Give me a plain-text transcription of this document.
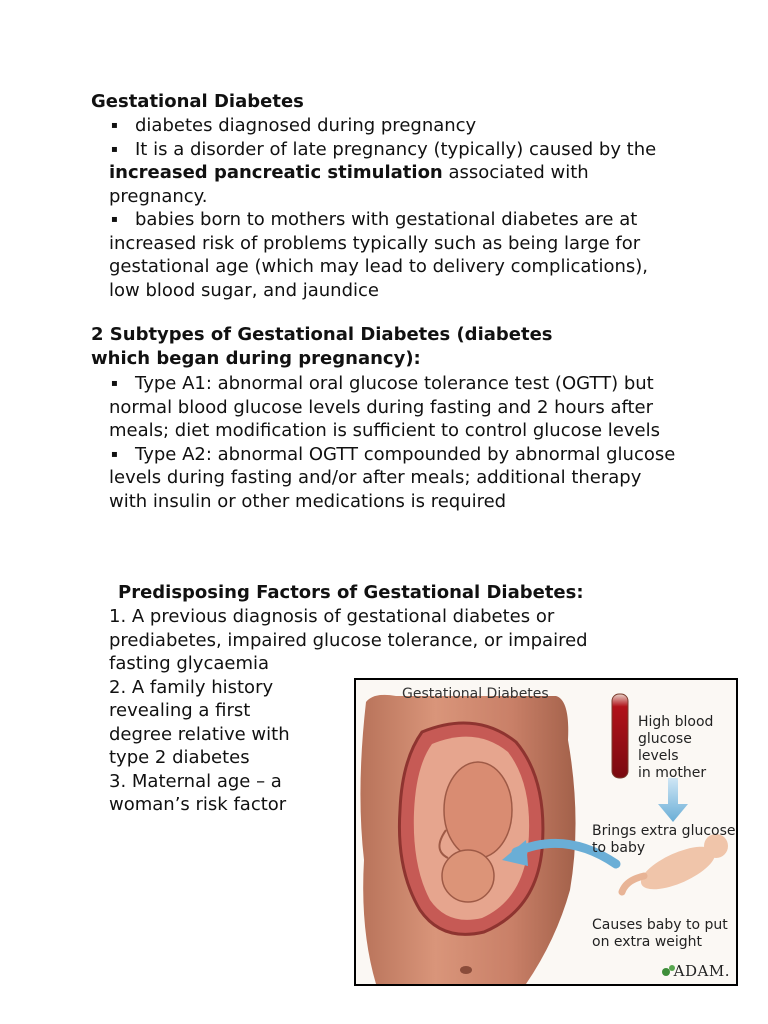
Gestational Diabetes
▪ diabetes diagnosed during pregnancy
▪ It is a disorder of late pregnancy (typically) caused by the increased pancreatic stimulation associated with pregnancy.
▪ babies born to mothers with gestational diabetes are at increased risk of problems typically such as being large for gestational age (which may lead to delivery complications), low blood sugar, and jaundice
2 Subtypes of Gestational Diabetes (diabetes
which began during pregnancy):
▪ Type A1: abnormal oral glucose tolerance test (OGTT) but normal blood glucose levels during fasting and 2 hours after meals; diet modification is sufficient to control glucose levels
▪ Type A2: abnormal OGTT compounded by abnormal glucose levels during fasting and/or after meals; additional therapy with insulin or other medications is required
Predisposing Factors of Gestational Diabetes:
1. A previous diagnosis of gestational diabetes or
prediabetes, impaired glucose tolerance, or impaired
fasting glycaemia
2. A family history
revealing a first
degree relative with
type 2 diabetes
3. Maternal age – a
woman’s risk factor
Gestational Diabetes
High blood
glucose levels
in mother
Brings extra glucose
to baby
Causes baby to put
on extra weight
ADAM.
